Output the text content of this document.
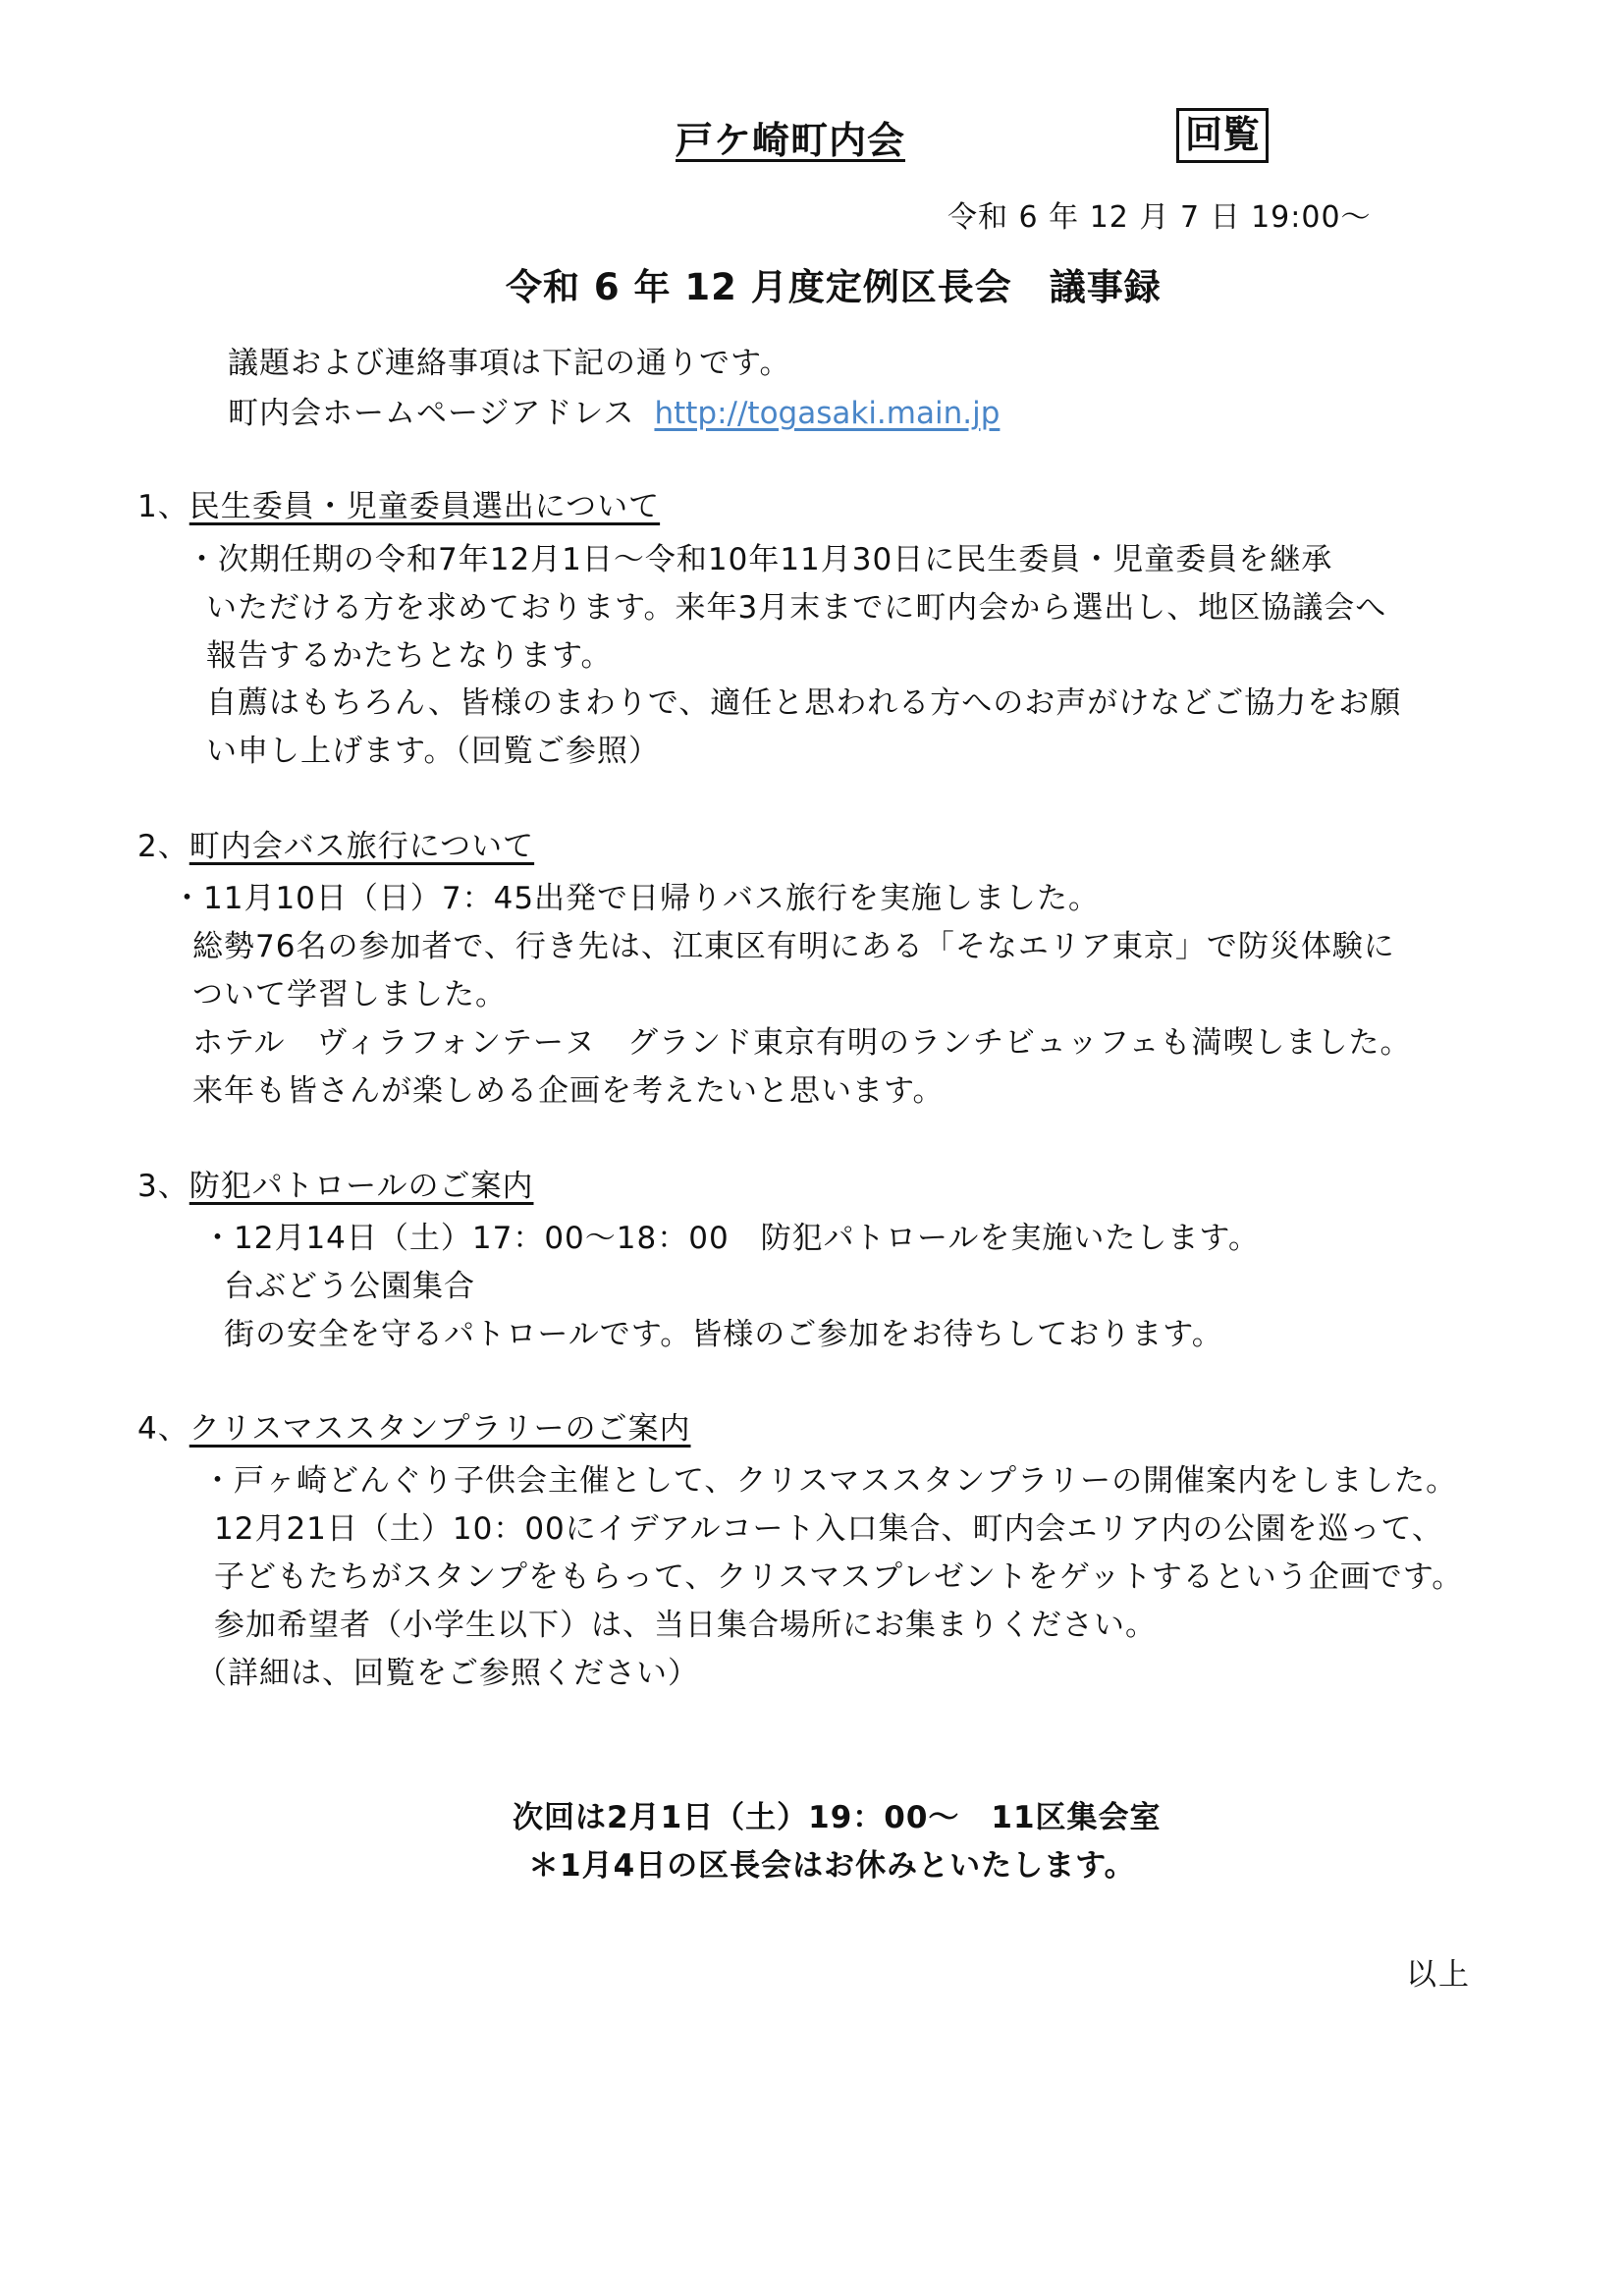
戸ケ崎町内会	回覧
令和 6 年 12 月 7 日 19:00～
令和 6 年 12 月度定例区長会　議事録
議題および連絡事項は下記の通りです。
町内会ホームページアドレス http://togasaki.main.jp
1、民生委員・児童委員選出について
・次期任期の令和7年12月1日～令和10年11月30日に民生委員・児童委員を継承
いただける方を求めております。来年3月末までに町内会から選出し、地区協議会へ
報告するかたちとなります。
自薦はもちろん、皆様のまわりで、適任と思われる方へのお声がけなどご協力をお願
い申し上げます。（回覧ご参照）
2、町内会バス旅行について
・11月10日（日）7：45出発で日帰りバス旅行を実施しました。
総勢76名の参加者で、行き先は、江東区有明にある「そなエリア東京」で防災体験に
ついて学習しました。
ホテル　ヴィラフォンテーヌ　グランド東京有明のランチビュッフェも満喫しました。
来年も皆さんが楽しめる企画を考えたいと思います。
3、防犯パトロールのご案内
・12月14日（土）17：00～18：00　防犯パトロールを実施いたします。
台ぶどう公園集合
街の安全を守るパトロールです。皆様のご参加をお待ちしております。
4、クリスマススタンプラリーのご案内
・戸ヶ崎どんぐり子供会主催として、クリスマススタンプラリーの開催案内をしました。
12月21日（土）10：00にイデアルコート入口集合、町内会エリア内の公園を巡って、
子どもたちがスタンプをもらって、クリスマスプレゼントをゲットするという企画です。
参加希望者（小学生以下）は、当日集合場所にお集まりください。
（詳細は、回覧をご参照ください）
次回は2月1日（土）19：00～　11区集会室
＊1月4日の区長会はお休みといたします。
以上
